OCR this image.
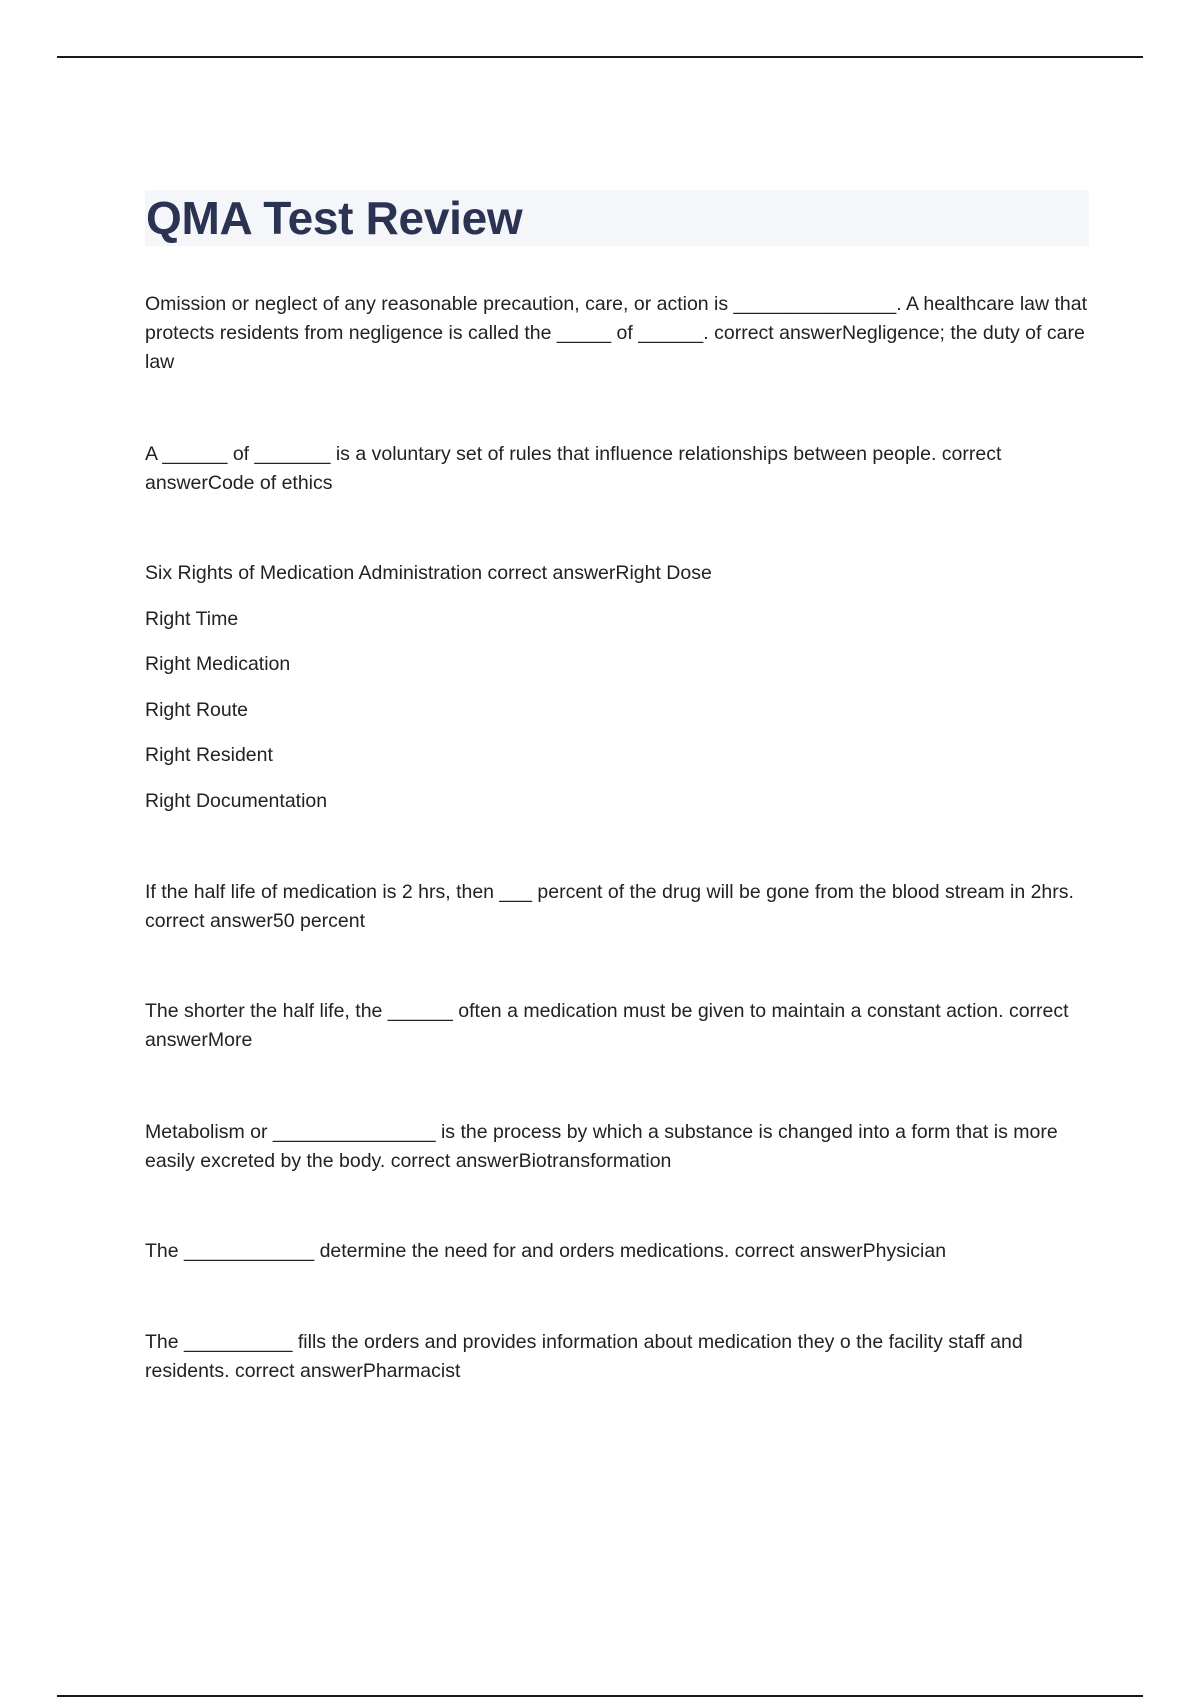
QMA Test Review

Omission or neglect of any reasonable precaution, care, or action is _______________. A healthcare law that protects residents from negligence is called the _____ of ______. correct answerNegligence; the duty of care law

A ______ of _______ is a voluntary set of rules that influence relationships between people. correct answerCode of ethics

Six Rights of Medication Administration correct answerRight Dose

Right Time

Right Medication

Right Route

Right Resident

Right Documentation

If the half life of medication is 2 hrs, then ___ percent of the drug will be gone from the blood stream in 2hrs. correct answer50 percent

The shorter the half life, the ______ often a medication must be given to maintain a constant action. correct answerMore

Metabolism or _______________ is the process by which a substance is changed into a form that is more easily excreted by the body. correct answerBiotransformation

The ____________ determine the need for and orders medications. correct answerPhysician

The __________ fills the orders and provides information about medication they o the facility staff and residents. correct answerPharmacist
